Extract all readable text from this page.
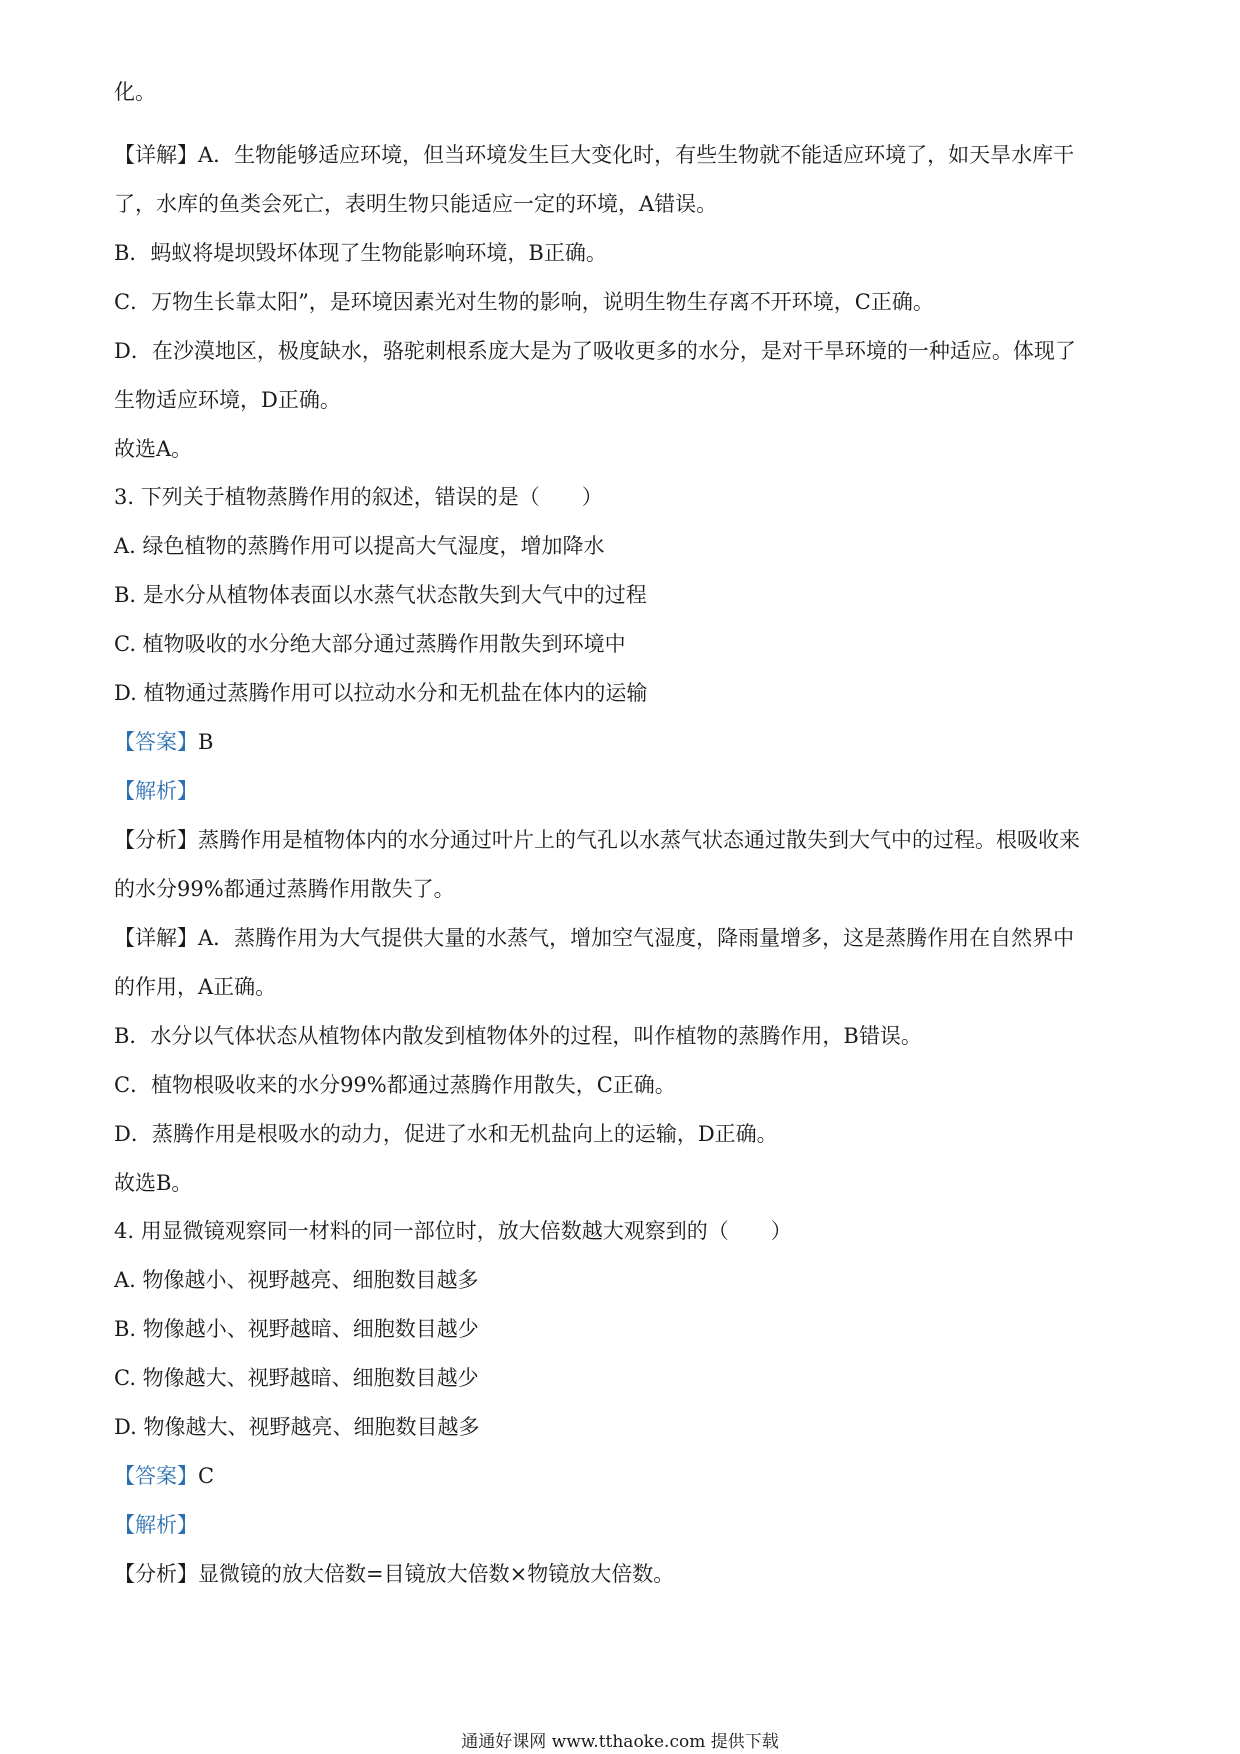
化。
【详解】A．生物能够适应环境，但当环境发生巨大变化时，有些生物就不能适应环境了，如天旱水库干
了，水库的鱼类会死亡，表明生物只能适应一定的环境，A错误。
B．蚂蚁将堤坝毁坏体现了生物能影响环境，B正确。
C．万物生长靠太阳”，是环境因素光对生物的影响，说明生物生存离不开环境，C正确。
D．在沙漠地区，极度缺水，骆驼刺根系庞大是为了吸收更多的水分，是对干旱环境的一种适应。体现了
生物适应环境，D正确。
故选A。
3. 下列关于植物蒸腾作用的叙述，错误的是（　　）
A. 绿色植物的蒸腾作用可以提高大气湿度，增加降水
B. 是水分从植物体表面以水蒸气状态散失到大气中的过程
C. 植物吸收的水分绝大部分通过蒸腾作用散失到环境中
D. 植物通过蒸腾作用可以拉动水分和无机盐在体内的运输
【答案】B
【解析】
【分析】蒸腾作用是植物体内的水分通过叶片上的气孔以水蒸气状态通过散失到大气中的过程。根吸收来
的水分99%都通过蒸腾作用散失了。
【详解】A．蒸腾作用为大气提供大量的水蒸气，增加空气湿度，降雨量增多，这是蒸腾作用在自然界中
的作用，A正确。
B．水分以气体状态从植物体内散发到植物体外的过程，叫作植物的蒸腾作用，B错误。
C．植物根吸收来的水分99%都通过蒸腾作用散失，C正确。
D．蒸腾作用是根吸水的动力，促进了水和无机盐向上的运输，D正确。
故选B。
4. 用显微镜观察同一材料的同一部位时，放大倍数越大观察到的（　　）
A. 物像越小、视野越亮、细胞数目越多
B. 物像越小、视野越暗、细胞数目越少
C. 物像越大、视野越暗、细胞数目越少
D. 物像越大、视野越亮、细胞数目越多
【答案】C
【解析】
【分析】显微镜的放大倍数=目镜放大倍数×物镜放大倍数。
通通好课网 www.tthaoke.com 提供下载
